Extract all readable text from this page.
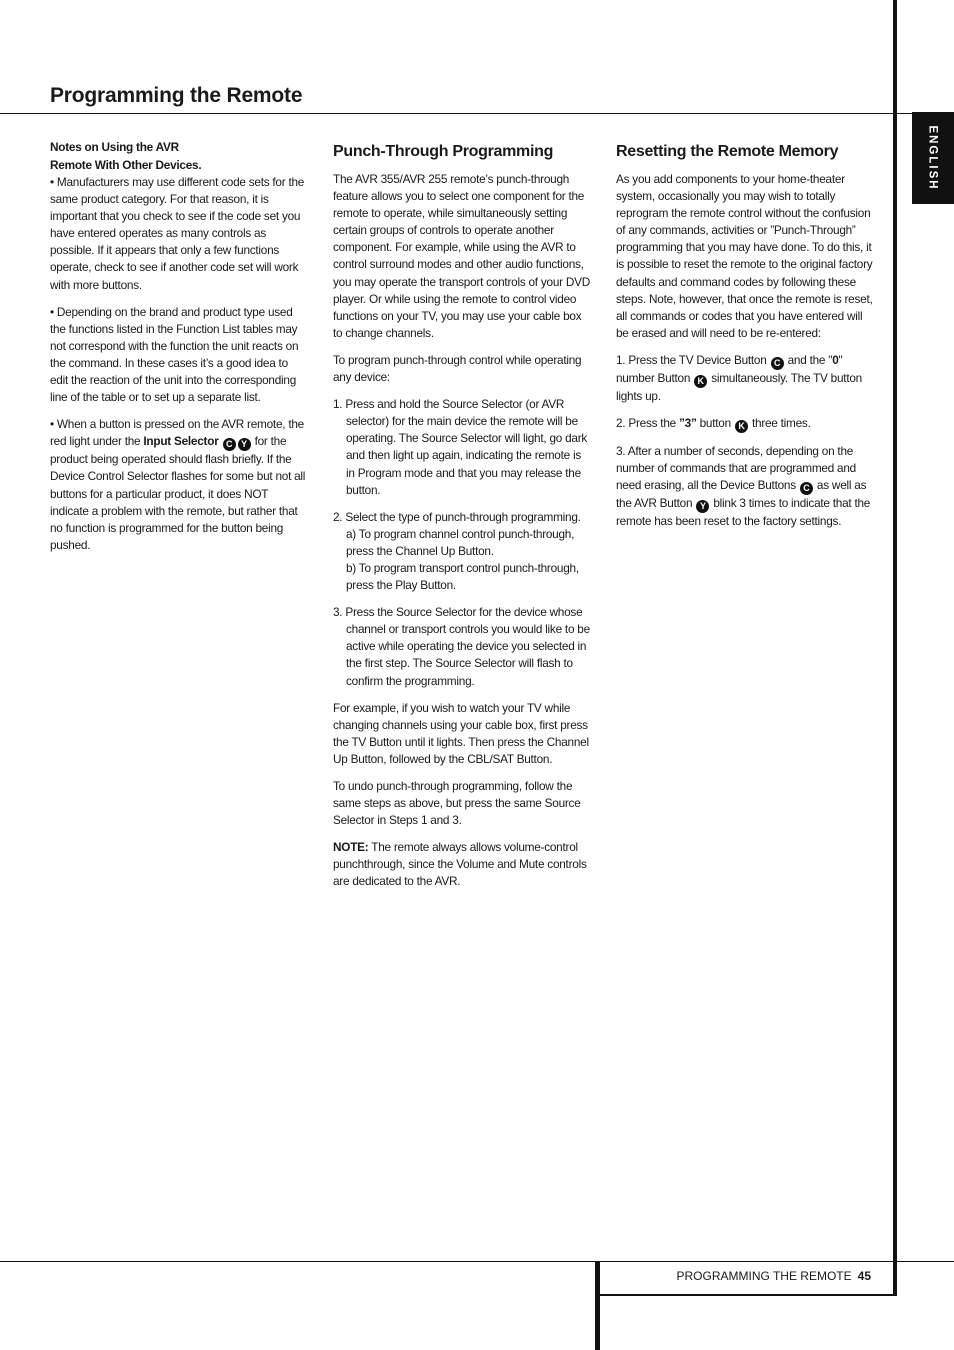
ENGLISH
Programming the Remote
Notes on Using the AVR
Remote With Other Devices.

• Manufacturers may use different code sets for the same product category. For that reason, it is important that you check to see if the code set you have entered operates as many controls as possible. If it appears that only a few functions operate, check to see if another code set will work with more buttons.

• Depending on the brand and product type used the functions listed in the Function List tables may not correspond with the function the unit reacts on the command. In these cases it’s a good idea to edit the reaction of the unit into the corresponding line of the table or to set up a separate list.

• When a button is pressed on the AVR remote, the red light under the Input Selector C Y for the product being operated should flash briefly. If the Device Control Selector flashes for some but not all buttons for a particular product, it does NOT indicate a problem with the remote, but rather that no function is programmed for the button being pushed.

Punch-Through Programming

The AVR 355/AVR 255 remote’s punch-through feature allows you to select one component for the remote to operate, while simultaneously setting certain groups of controls to operate another component. For example, while using the AVR to control surround modes and other audio functions, you may operate the transport controls of your DVD player. Or while using the remote to control video functions on your TV, you may use your cable box to change channels.

To program punch-through control while operating any device:

1. Press and hold the Source Selector (or AVR selector) for the main device the remote will be operating. The Source Selector will light, go dark and then light up again, indicating the remote is in Program mode and that you may release the button.

2. Select the type of punch-through programming.
a) To program channel control punch-through, press the Channel Up Button.
b) To program transport control punch-through, press the Play Button.

3. Press the Source Selector for the device whose channel or transport controls you would like to be active while operating the device you selected in the first step. The Source Selector will flash to confirm the programming.

For example, if you wish to watch your TV while changing channels using your cable box, first press the TV Button until it lights. Then press the Channel Up Button, followed by the CBL/SAT Button.

To undo punch-through programming, follow the same steps as above, but press the same Source Selector in Steps 1 and 3.

NOTE: The remote always allows volume-control punchthrough, since the Volume and Mute controls are dedicated to the AVR.

Resetting the Remote Memory

As you add components to your home-theater system, occasionally you may wish to totally reprogram the remote control without the confusion of any commands, activities or ”Punch-Through” programming that you may have done. To do this, it is possible to reset the remote to the original factory defaults and command codes by following these steps. Note, however, that once the remote is reset, all commands or codes that you have entered will be erased and will need to be re-entered:

1. Press the TV Device Button C and the "0" number Button K simultaneously. The TV button lights up.

2. Press the ”3” button K three times.

3. After a number of seconds, depending on the number of commands that are programmed and need erasing, all the Device Buttons C as well as the AVR Button Y blink 3 times to indicate that the remote has been reset to the factory settings.

PROGRAMMING THE REMOTE 45
